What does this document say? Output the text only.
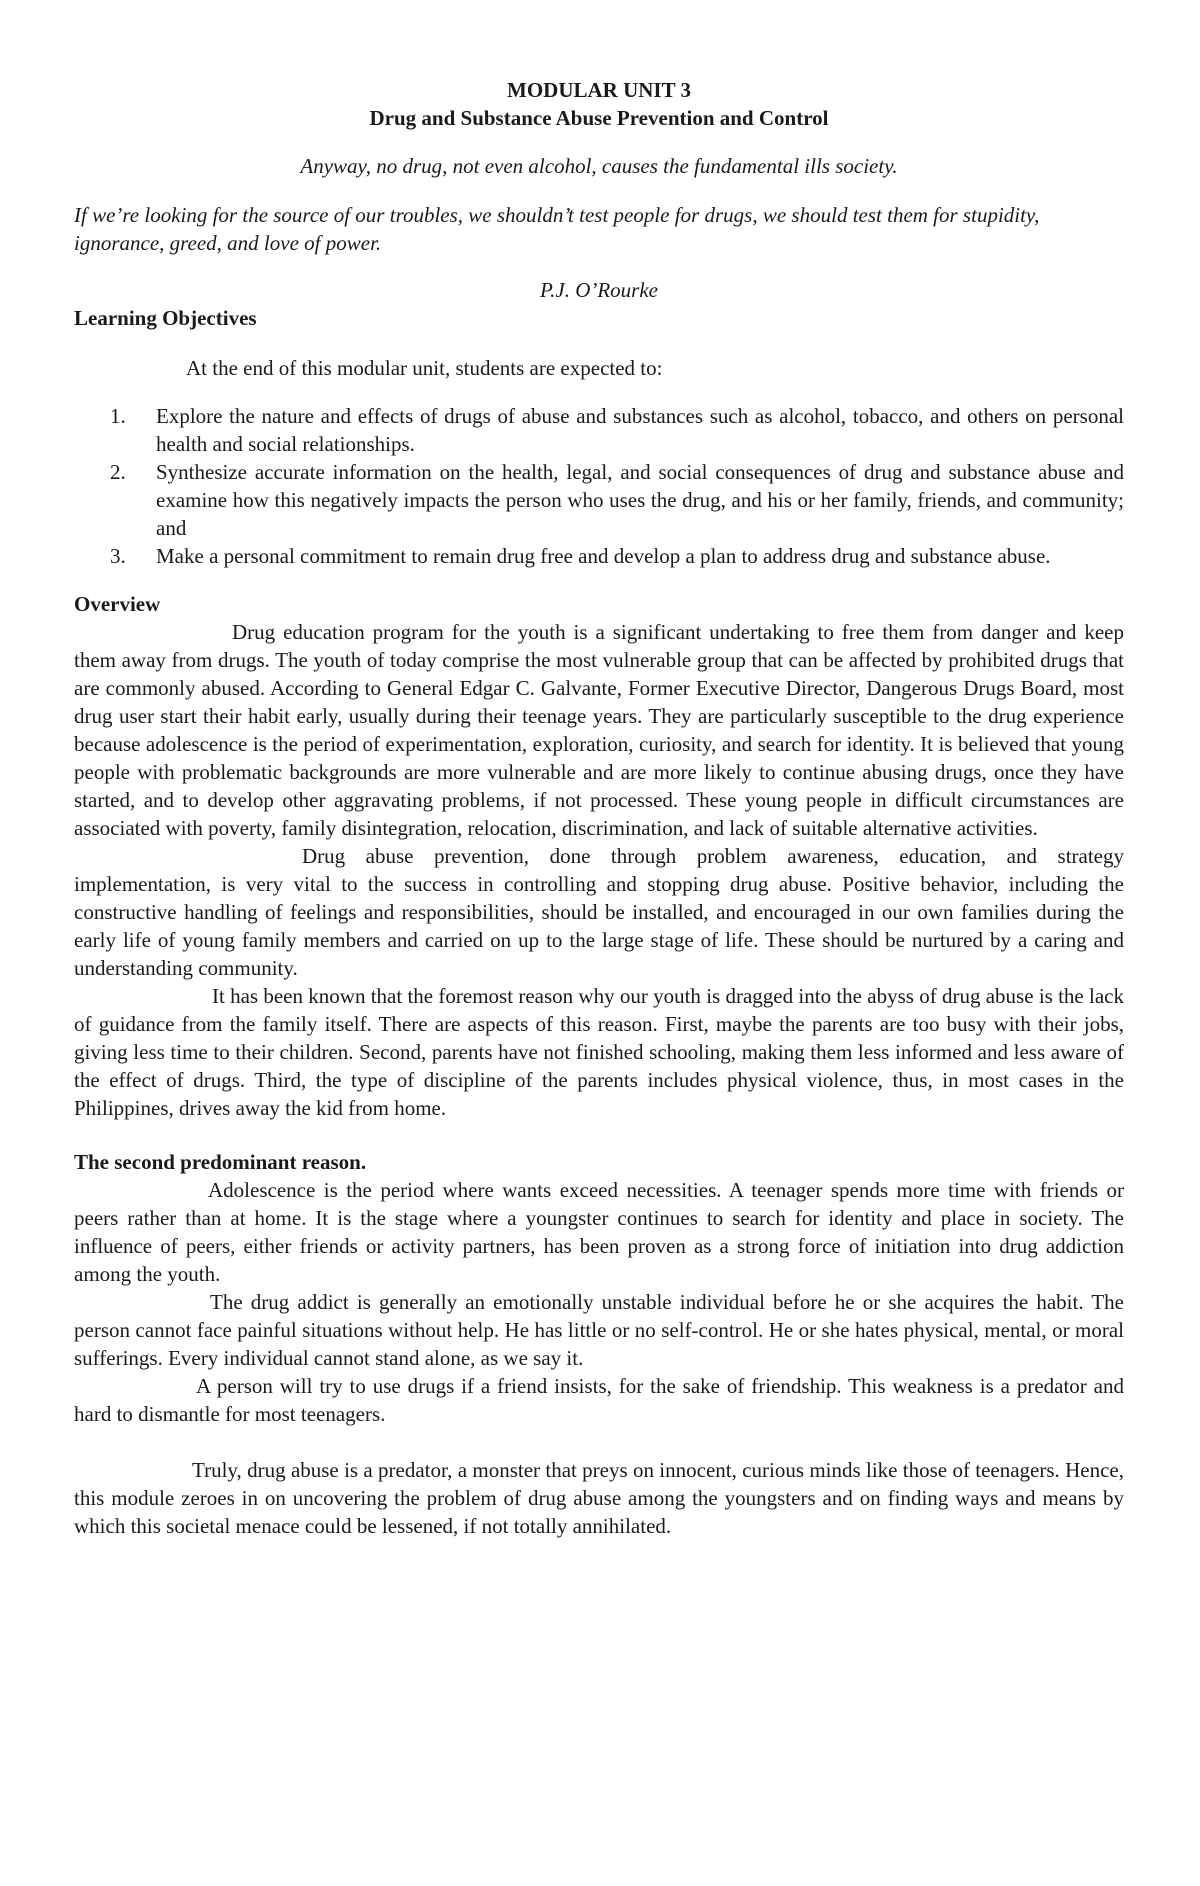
MODULAR UNIT 3

Drug and Substance Abuse Prevention and Control

Anyway, no drug, not even alcohol, causes the fundamental ills society.

If we’re looking for the source of our troubles, we shouldn’t test people for drugs, we should test them for stupidity, ignorance, greed, and love of power.

P.J. O’Rourke

Learning Objectives

At the end of this modular unit, students are expected to:

1.	Explore the nature and effects of drugs of abuse and substances such as alcohol, tobacco, and others on personal health and social relationships.
2.	Synthesize accurate information on the health, legal, and social consequences of drug and substance abuse and examine how this negatively impacts the person who uses the drug, and his or her family, friends, and community; and
3.	Make a personal commitment to remain drug free and develop a plan to address drug and substance abuse.

Overview

Drug education program for the youth is a significant undertaking to free them from danger and keep them away from drugs. The youth of today comprise the most vulnerable group that can be affected by prohibited drugs that are commonly abused. According to General Edgar C. Galvante, Former Executive Director, Dangerous Drugs Board, most drug user start their habit early, usually during their teenage years. They are particularly susceptible to the drug experience because adolescence is the period of experimentation, exploration, curiosity, and search for identity. It is believed that young people with problematic backgrounds are more vulnerable and are more likely to continue abusing drugs, once they have started, and to develop other aggravating problems, if not processed. These young people in difficult circumstances are associated with poverty, family disintegration, relocation, discrimination, and lack of suitable alternative activities.

Drug abuse prevention, done through problem awareness, education, and strategy implementation, is very vital to the success in controlling and stopping drug abuse. Positive behavior, including the constructive handling of feelings and responsibilities, should be installed, and encouraged in our own families during the early life of young family members and carried on up to the large stage of life. These should be nurtured by a caring and understanding community.

It has been known that the foremost reason why our youth is dragged into the abyss of drug abuse is the lack of guidance from the family itself. There are aspects of this reason. First, maybe the parents are too busy with their jobs, giving less time to their children. Second, parents have not finished schooling, making them less informed and less aware of the effect of drugs. Third, the type of discipline of the parents includes physical violence, thus, in most cases in the Philippines, drives away the kid from home.

The second predominant reason.

Adolescence is the period where wants exceed necessities. A teenager spends more time with friends or peers rather than at home. It is the stage where a youngster continues to search for identity and place in society. The influence of peers, either friends or activity partners, has been proven as a strong force of initiation into drug addiction among the youth.

The drug addict is generally an emotionally unstable individual before he or she acquires the habit. The person cannot face painful situations without help. He has little or no self-control. He or she hates physical, mental, or moral sufferings. Every individual cannot stand alone, as we say it.

A person will try to use drugs if a friend insists, for the sake of friendship. This weakness is a predator and hard to dismantle for most teenagers.

Truly, drug abuse is a predator, a monster that preys on innocent, curious minds like those of teenagers. Hence, this module zeroes in on uncovering the problem of drug abuse among the youngsters and on finding ways and means by which this societal menace could be lessened, if not totally annihilated.
